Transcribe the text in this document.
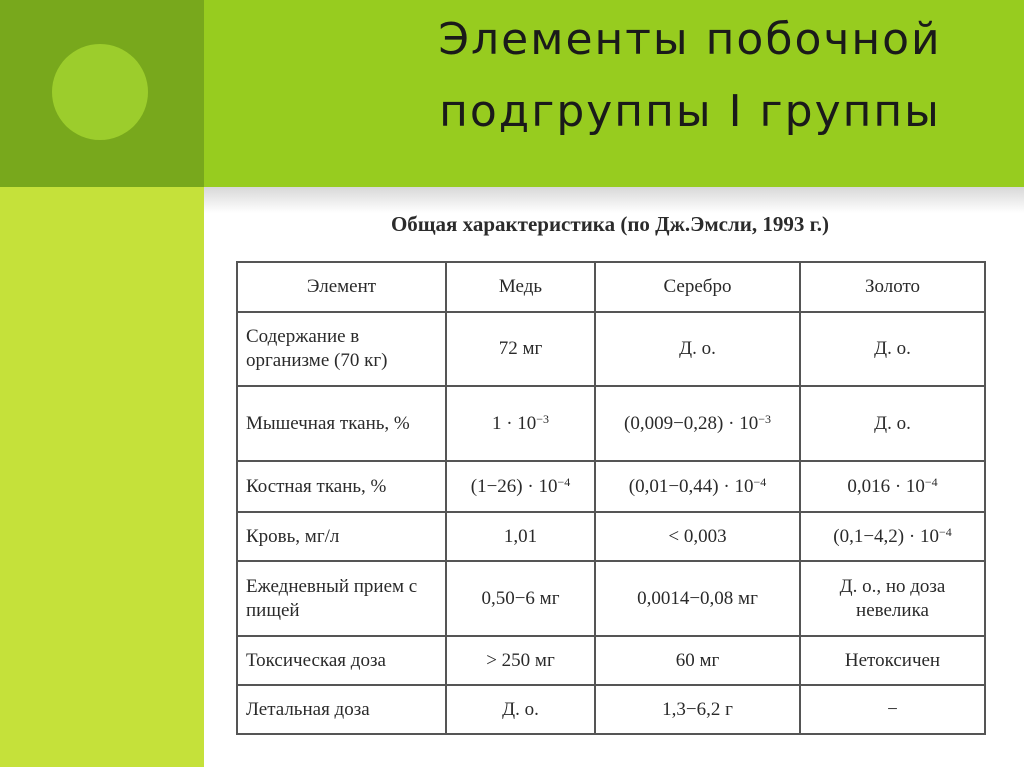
Элементы побочной
подгруппы I группы
Общая характеристика (по Дж.Эмсли, 1993 г.)
Элемент	Медь	Серебро	Золото
Содержание в организме (70 кг)	72 мг	Д. о.	Д. о.
Мышечная ткань, %	$1 \cdot 10^{-3}$	$(0,009-0,28) \cdot 10^{-3}$	Д. о.
Костная ткань, %	$(1-26) \cdot 10^{-4}$	$(0,01-0,44) \cdot 10^{-4}$	$0,016 \cdot 10^{-4}$
Кровь, мг/л	1,01	< 0,003	$(0,1-4,2) \cdot 10^{-4}$
Ежедневный прием с пищей	0,50−6 мг	0,0014−0,08 мг	Д. о., но доза невелика
Токсическая доза	> 250 мг	60 мг	Нетоксичен
Летальная доза	Д. о.	1,3−6,2 г	−
